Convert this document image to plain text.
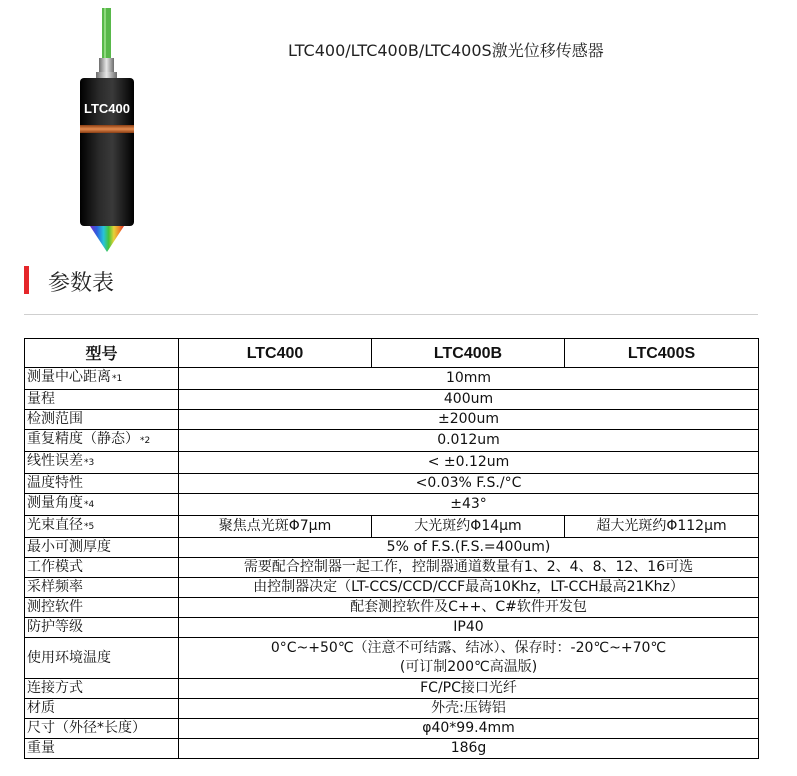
LTC400
LTC400/LTC400B/LTC400S激光位移传感器
参数表
型号	LTC400	LTC400B	LTC400S
测量中心距离*1	10mm		
量程	400um		
检测范围	±200um		
重复精度（静态）*2	0.012um		
线性误差*3	< ±0.12um		
温度特性	<0.03% F.S./°C		
测量角度*4	±43°		
光束直径*5	聚焦点光斑Φ7μm	大光斑约Φ14μm	超大光斑约Φ112μm
最小可测厚度	5% of F.S.(F.S.=400um)		
工作模式	需要配合控制器一起工作，控制器通道数量有1、2、4、8、12、16可选		
采样频率	由控制器决定（LT-CCS/CCD/CCF最高10Khz，LT-CCH最高21Khz）		
测控软件	配套测控软件及C++、C#软件开发包		
防护等级	IP40		
使用环境温度	0°C~+50℃（注意不可结露、结冰）、保存时：-20℃~+70℃
(可订制200℃高温版)		

连接方式	FC/PC接口光纤		
材质	外壳:压铸铝		
尺寸（外径*长度）	φ40*99.4mm		
重量	186g		
